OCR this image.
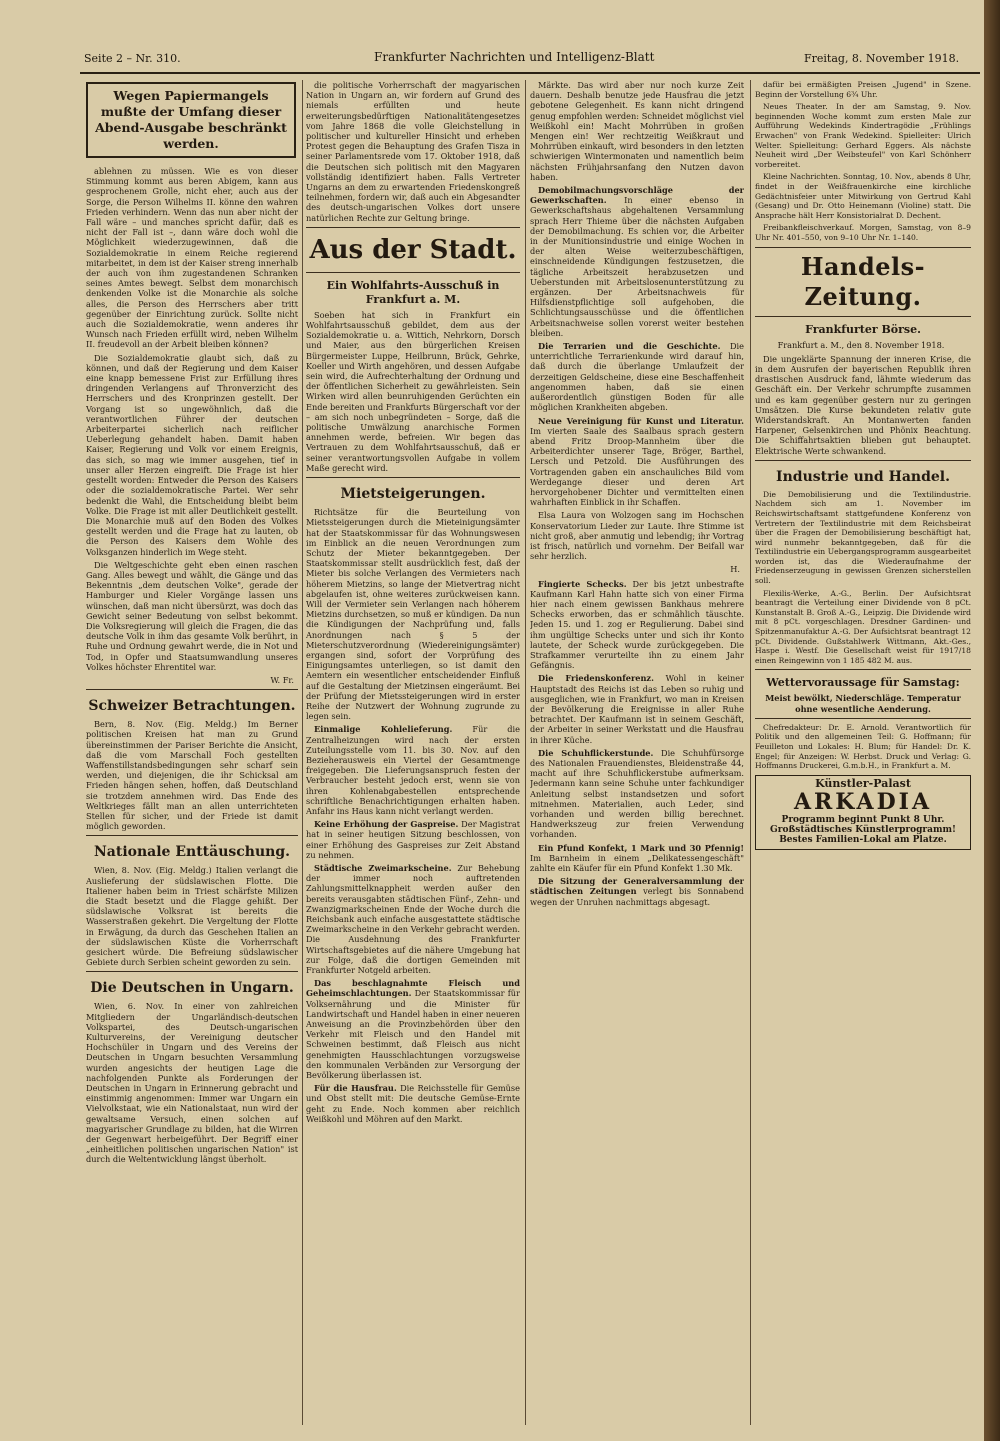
Seite 2 – Nr. 310.	Frankfurter Nachrichten und Intelligenz-Blatt	Freitag, 8. November 1918.
Wegen Papiermangels mußte der Umfang dieser Abend-Ausgabe beschränkt werden.

ablehnen zu müssen. Wie es von dieser Stimmung kommt aus beren Abigem, kann aus gesprochenem Grolle, nicht eher, auch aus der Sorge, die Person Wilhelms II. könne den wahren Frieden verhindern. Wenn das nun aber nicht der Fall wäre – und manches spricht dafür, daß es nicht der Fall ist –, dann wäre doch wohl die Möglichkeit wiederzugewinnen, daß die Sozialdemokratie in einem Reiche regierend mitarbeitet, in dem ist der Kaiser streng innerhalb der auch von ihm zugestandenen Schranken seines Amtes bewegt. Selbst dem monarchisch denkenden Volke ist die Monarchie als solche alles, die Person des Herrschers aber tritt gegenüber der Einrichtung zurück. Sollte nicht auch die Sozialdemokratie, wenn anderes ihr Wunsch nach Frieden erfüllt wird, neben Wilhelm II. freudevoll an der Arbeit bleiben können?

Die Sozialdemokratie glaubt sich, daß zu können, und daß der Regierung und dem Kaiser eine knapp bemessene Frist zur Erfüllung ihres dringenden Verlangens auf Thronverzicht des Herrschers und des Kronprinzen gestellt. Der Vorgang ist so ungewöhnlich, daß die verantwortlichen Führer der deutschen Arbeiterpartei sicherlich nach reiflicher Ueberlegung gehandelt haben. Damit haben Kaiser, Regierung und Volk vor einem Ereignis, das sich, so mag wie immer ausgehen, tief in unser aller Herzen eingreift. Die Frage ist hier gestellt worden: Entweder die Person des Kaisers oder die sozialdemokratische Partei. Wer sehr bedenkt die Wahl, die Entscheidung bleibt beim Volke. Die Frage ist mit aller Deutlichkeit gestellt. Die Monarchie muß auf den Boden des Volkes gestellt werden und die Frage hat zu lauten, ob die Person des Kaisers dem Wohle des Volksganzen hinderlich im Wege steht.

Die Weltgeschichte geht eben einen raschen Gang. Alles bewegt und wählt, die Gänge und das Bekenntnis „dem deutschen Volke", gerade der Hamburger und Kieler Vorgänge lassen uns wünschen, daß man nicht übersürzt, was doch das Gewicht seiner Bedeutung von selbst bekommt. Die Volksregierung will gleich die Fragen, die das deutsche Volk in ihm das gesamte Volk berührt, in Ruhe und Ordnung gewahrt werde, die in Not und Tod, in Opfer und Staatsumwandlung unseres Volkes höchster Ehrentitel war.

W. Fr.
Schweizer Betrachtungen.

Bern, 8. Nov. (Eig. Meldg.) Im Berner politischen Kreisen hat man zu Grund übereinstimmen der Pariser Berichte die Ansicht, daß die vom Marschall Foch gestellten Waffenstillstandsbedingungen sehr scharf sein werden, und diejenigen, die ihr Schicksal am Frieden hängen sehen, hoffen, daß Deutschland sie trotzdem annehmen wird. Das Ende des Weltkrieges fällt man an allen unterrichteten Stellen für sicher, und der Friede ist damit möglich geworden.

Nationale Enttäuschung.

Wien, 8. Nov. (Eig. Meldg.) Italien verlangt die Auslieferung der südslawischen Flotte. Die Italiener haben beim in Triest schärfste Milizen die Stadt besetzt und die Flagge gehißt. Der südslawische Volksrat ist bereits die Wasserstraßen gekehrt. Die Vergeltung der Flotte in Erwägung, da durch das Geschehen Italien an der südslawischen Küste die Vorherrschaft gesichert würde. Die Befreiung südslawischer Gebiete durch Serbien scheint geworden zu sein.

Die Deutschen in Ungarn.

Wien, 6. Nov. In einer von zahlreichen Mitgliedern der Ungarländisch-deutschen Volkspartei, des Deutsch-ungarischen Kulturvereins, der Vereinigung deutscher Hochschüler in Ungarn und des Vereins der Deutschen in Ungarn besuchten Versammlung wurden angesichts der heutigen Lage die nachfolgenden Punkte als Forderungen der Deutschen in Ungarn in Erinnerung gebracht und einstimmig angenommen: Immer war Ungarn ein Vielvolkstaat, wie ein Nationalstaat, nun wird der gewaltsame Versuch, einen solchen auf magyarischer Grundlage zu bilden, hat die Wirren der Gegenwart herbeigeführt. Der Begriff einer „einheitlichen politischen ungarischen Nation" ist durch die Weltentwicklung längst überholt.

die politische Vorherrschaft der magyarischen Nation in Ungarn an, wir fordern auf Grund des niemals erfüllten und heute erweiterungsbedürftigen Nationalitätengesetzes vom Jahre 1868 die volle Gleichstellung in politischer und kultureller Hinsicht und erheben Protest gegen die Behauptung des Grafen Tisza in seiner Parlamentsrede vom 17. Oktober 1918, daß die Deutschen sich politisch mit den Magyaren vollständig identifiziert haben. Falls Vertreter Ungarns an dem zu erwartenden Friedenskongreß teilnehmen, fordern wir, daß auch ein Abgesandter des deutsch-ungarischen Volkes dort unsere natürlichen Rechte zur Geltung bringe.

Aus der Stadt.
Ein Wohlfahrts-Ausschuß in Frankfurt a. M.

Soeben hat sich in Frankfurt ein Wohlfahrtsausschuß gebildet, dem aus der Sozialdemokratie u. a. Wittich, Nehrkorn, Dorsch und Maier, aus den bürgerlichen Kreisen Bürgermeister Luppe, Heilbrunn, Brück, Gehrke, Koeller und Wirth angehören, und dessen Aufgabe sein wird, die Aufrechterhaltung der Ordnung und der öffentlichen Sicherheit zu gewährleisten. Sein Wirken wird allen beunruhigenden Gerüchten ein Ende bereiten und Frankfurts Bürgerschaft vor der – am sich noch unbegründeten – Sorge, daß die politische Umwälzung anarchische Formen annehmen werde, befreien. Wir begen das Vertrauen zu dem Wohlfahrtsausschuß, daß er seiner verantwortungsvollen Aufgabe in vollem Maße gerecht wird.

Mietsteigerungen.

Richtsätze für die Beurteilung von Mietssteigerungen durch die Mieteinigungsämter hat der Staatskommissar für das Wohnungswesen im Einblick an die neuen Verordnungen zum Schutz der Mieter bekanntgegeben. Der Staatskommissar stellt ausdrücklich fest, daß der Mieter bis solche Verlangen des Vermieters nach höherem Mietzins, so lange der Mietvertrag nicht abgelaufen ist, ohne weiteres zurückweisen kann. Will der Vermieter sein Verlangen nach höherem Mietzins durchsetzen, so muß er kündigen. Da nun die Kündigungen der Nachprüfung und, falls Anordnungen nach § 5 der Mieterschutzverordnung (Wiedereinigungsämter) ergangen sind, sofort der Vorprüfung des Einigungsamtes unterliegen, so ist damit den Aemtern ein wesentlicher entscheidender Einfluß auf die Gestaltung der Mietzinsen eingeräumt. Bei der Prüfung der Mietssteigerungen wird in erster Reihe der Nutzwert der Wohnung zugrunde zu legen sein.

Einmalige Kohlelieferung. Für die Zentralheizungen wird nach der ersten Zuteilungsstelle vom 11. bis 30. Nov. auf den Bezieherausweis ein Viertel der Gesamtmenge freigegeben. Die Lieferungsanspruch festen der Verbraucher besteht jedoch erst, wenn sie von ihren Kohlenabgabestellen entsprechende schriftliche Benachrichtigungen erhalten haben. Anfahr ins Haus kann nicht verlangt werden.

Keine Erhöhung der Gaspreise. Der Magistrat hat in seiner heutigen Sitzung beschlossen, von einer Erhöhung des Gaspreises zur Zeit Abstand zu nehmen.

Städtische Zweimarkscheine. Zur Behebung der immer noch auftretenden Zahlungsmittelknappheit werden außer den bereits verausgabten städtischen Fünf-, Zehn- und Zwanzigmarkscheinen Ende der Woche durch die Reichsbank auch einfache ausgestattete städtische Zweimarkscheine in den Verkehr gebracht werden. Die Ausdehnung des Frankfurter Wirtschaftsgebietes auf die nähere Umgebung hat zur Folge, daß die dortigen Gemeinden mit Frankfurter Notgeld arbeiten.

Das beschlagnahmte Fleisch und Geheimschlachtungen. Der Staatskommissar für Volksernährung und die Minister für Landwirtschaft und Handel haben in einer neueren Anweisung an die Provinzbehörden über den Verkehr mit Fleisch und den Handel mit Schweinen bestimmt, daß Fleisch aus nicht genehmigten Hausschlachtungen vorzugsweise den kommunalen Verbänden zur Versorgung der Bevölkerung überlassen ist.

Für die Hausfrau. Die Reichsstelle für Gemüse und Obst stellt mit: Die deutsche Gemüse-Ernte geht zu Ende. Noch kommen aber reichlich Weißkohl und Möhren auf den Markt.

Märkte. Das wird aber nur noch kurze Zeit dauern. Deshalb benutze jede Hausfrau die jetzt gebotene Gelegenheit. Es kann nicht dringend genug empfohlen werden: Schneidet möglichst viel Weißkohl ein! Macht Mohrrüben in großen Mengen ein! Wer rechtzeitig Weißkraut und Mohrrüben einkauft, wird besonders in den letzten schwierigen Wintermonaten und namentlich beim nächsten Frühjahrsanfang den Nutzen davon haben.

Demobilmachungsvorschläge der Gewerkschaften. In einer ebenso in Gewerkschaftshaus abgehaltenen Versammlung sprach Herr Thieme über die nächsten Aufgaben der Demobilmachung. Es schien vor, die Arbeiter in der Munitionsindustrie und einige Wochen in der alten Weise weiterzubeschäftigen, einschneidende Kündigungen festzusetzen, die tägliche Arbeitszeit herabzusetzen und Ueberstunden mit Arbeitslosenunterstützung zu ergänzen. Der Arbeitsnachweis für Hilfsdienstpflichtige soll aufgehoben, die Schlichtungsausschüsse und die öffentlichen Arbeitsnachweise sollen vorerst weiter bestehen bleiben.

Die Terrarien und die Geschichte. Die unterrichtliche Terrarienkunde wird darauf hin, daß durch die überlange Umlaufzeit der derzeitigen Geldscheine, diese eine Beschaffenheit angenommen haben, daß sie einen außerordentlich günstigen Boden für alle möglichen Krankheiten abgeben.

Neue Vereinigung für Kunst und Literatur. Im vierten Saale des Saalbaus sprach gestern abend Fritz Droop-Mannheim über die Arbeiterdichter unserer Tage, Bröger, Barthel, Lersch und Petzold. Die Ausführungen des Vortragenden gaben ein anschauliches Bild vom Werdegange dieser und deren Art hervorgehobener Dichter und vermittelten einen wahrhaften Einblick in ihr Schaffen.

Elsa Laura von Wolzogen sang im Hochschen Konservatorium Lieder zur Laute. Ihre Stimme ist nicht groß, aber anmutig und lebendig; ihr Vortrag ist frisch, natürlich und vornehm. Der Beifall war sehr herzlich.

H.

Fingierte Schecks. Der bis jetzt unbestrafte Kaufmann Karl Hahn hatte sich von einer Firma hier nach einem gewissen Bankhaus mehrere Schecks erworben, das er schmählich täuschte. Jeden 15. und 1. zog er Regulierung. Dabei sind ihm ungültige Schecks unter und sich ihr Konto lautete, der Scheck wurde zurückgegeben. Die Strafkammer verurteilte ihn zu einem Jahr Gefängnis.

Die Friedenskonferenz. Wohl in keiner Hauptstadt des Reichs ist das Leben so ruhig und ausgeglichen, wie in Frankfurt, wo man in Kreisen der Bevölkerung die Ereignisse in aller Ruhe betrachtet. Der Kaufmann ist in seinem Geschäft, der Arbeiter in seiner Werkstatt und die Hausfrau in ihrer Küche.

Die Schuhflickerstunde. Die Schuhfürsorge des Nationalen Frauendienstes, Bleidenstraße 44, macht auf ihre Schuhflickerstube aufmerksam. Jedermann kann seine Schuhe unter fachkundiger Anleitung selbst instandsetzen und sofort mitnehmen. Materialien, auch Leder, sind vorhanden und werden billig berechnet. Handwerkszeug zur freien Verwendung vorhanden.

Ein Pfund Konfekt, 1 Mark und 30 Pfennig! Im Barnheim in einem „Delikatessengeschäft" zahlte ein Käufer für ein Pfund Konfekt 1.30 Mk.

Die Sitzung der Generalversammlung der städtischen Zeitungen verlegt bis Sonnabend wegen der Unruhen nachmittags abgesagt.

dafür bei ermäßigten Preisen „Jugend" in Szene. Beginn der Vorstellung 6¾ Uhr.

Neues Theater. In der am Samstag, 9. Nov. beginnenden Woche kommt zum ersten Male zur Aufführung Wedekinds Kindertragödie „Frühlings Erwachen" von Frank Wedekind. Spielleiter: Ulrich Welter. Spielleitung: Gerhard Eggers. Als nächste Neuheit wird „Der Weibsteufel" von Karl Schönherr vorbereitet.

Kleine Nachrichten. Sonntag, 10. Nov., abends 8 Uhr, findet in der Weißfrauenkirche eine kirchliche Gedächtnisfeier unter Mitwirkung von Gertrud Kahl (Gesang) und Dr. Otto Heinemann (Violine) statt. Die Ansprache hält Herr Konsistorialrat D. Dechent.

Freibankfleischverkauf. Morgen, Samstag, von 8–9 Uhr Nr. 401–550, von 9–10 Uhr Nr. 1–140.

Handels-Zeitung.
Frankfurter Börse.
Frankfurt a. M., den 8. November 1918.

Die ungeklärte Spannung der inneren Krise, die in dem Ausrufen der bayerischen Republik ihren drastischen Ausdruck fand, lähmte wiederum das Geschäft ein. Der Verkehr schrumpfte zusammen und es kam gegenüber gestern nur zu geringen Umsätzen. Die Kurse bekundeten relativ gute Widerstandskraft. An Montanwerten fanden Harpener, Gelsenkirchen und Phönix Beachtung. Die Schiffahrtsaktien blieben gut behauptet. Elektrische Werte schwankend.

Industrie und Handel.

Die Demobilisierung und die Textilindustrie. Nachdem sich am 1. November im Reichswirtschaftsamt stattgefundene Konferenz von Vertretern der Textilindustrie mit dem Reichsbeirat über die Fragen der Demobilisierung beschäftigt hat, wird nunmehr bekanntgegeben, daß für die Textilindustrie ein Uebergangsprogramm ausgearbeitet worden ist, das die Wiederaufnahme der Friedenserzeugung in gewissen Grenzen sicherstellen soll.

Flexilis-Werke, A.-G., Berlin. Der Aufsichtsrat beantragt die Verteilung einer Dividende von 8 pCt. Kunstanstalt B. Groß A.-G., Leipzig. Die Dividende wird mit 8 pCt. vorgeschlagen. Dresdner Gardinen- und Spitzenmanufaktur A.-G. Der Aufsichtsrat beantragt 12 pCt. Dividende. Gußstahlwerk Wittmann, Akt.-Ges., Haspe i. Westf. Die Gesellschaft weist für 1917/18 einen Reingewinn von 1 185 482 M. aus.

Wettervoraussage für Samstag:

Meist bewölkt, Niederschläge. Temperatur ohne wesentliche Aenderung.

Chefredakteur: Dr. E. Arnold. Verantwortlich für Politik und den allgemeinen Teil: G. Hoffmann; für Feuilleton und Lokales: H. Blum; für Handel: Dr. K. Engel; für Anzeigen: W. Herbst. Druck und Verlag: G. Hoffmanns Druckerei, G.m.b.H., in Frankfurt a. M.

Künstler-Palast
ARKADIA
Programm beginnt Punkt 8 Uhr.
Großstädtisches Künstlerprogramm!
Bestes Familien-Lokal am Platze.
